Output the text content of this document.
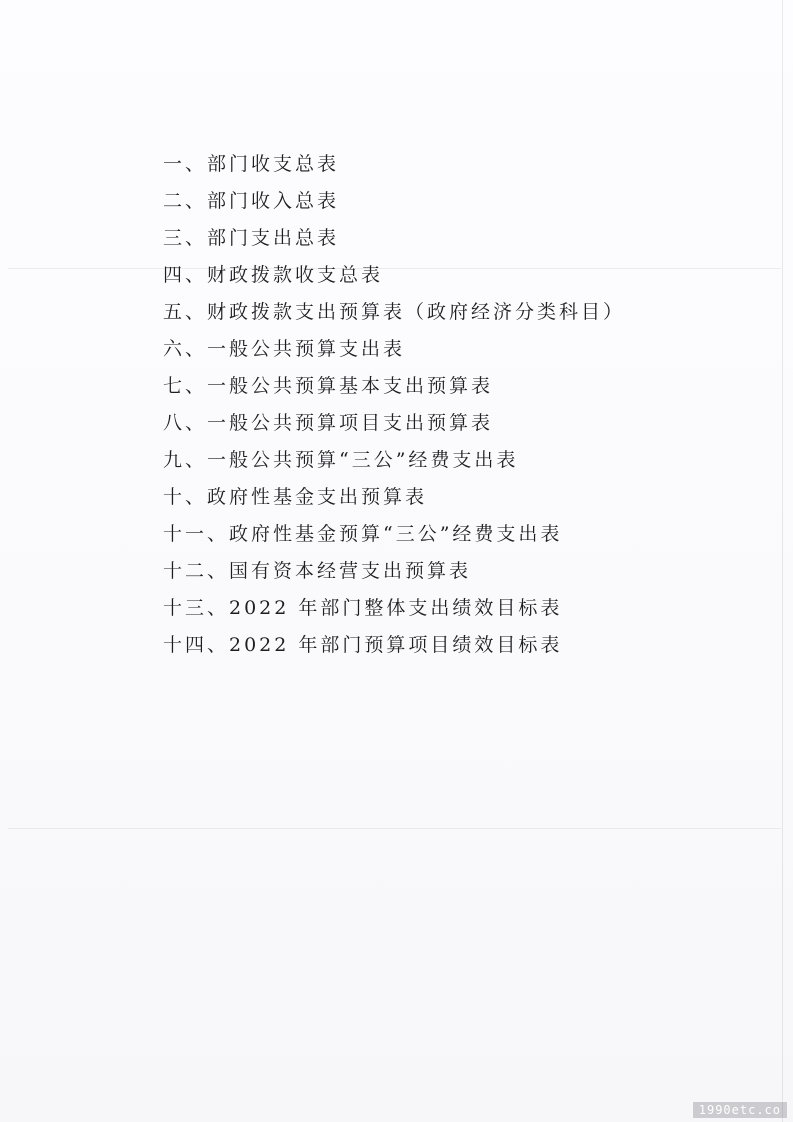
一、部门收支总表
二、部门收入总表
三、部门支出总表
四、财政拨款收支总表
五、财政拨款支出预算表（政府经济分类科目）
六、一般公共预算支出表
七、一般公共预算基本支出预算表
八、一般公共预算项目支出预算表
九、一般公共预算“三公”经费支出表
十、政府性基金支出预算表
十一、政府性基金预算“三公”经费支出表
十二、国有资本经营支出预算表
十三、2022 年部门整体支出绩效目标表
十四、2022 年部门预算项目绩效目标表
1990etc.co
